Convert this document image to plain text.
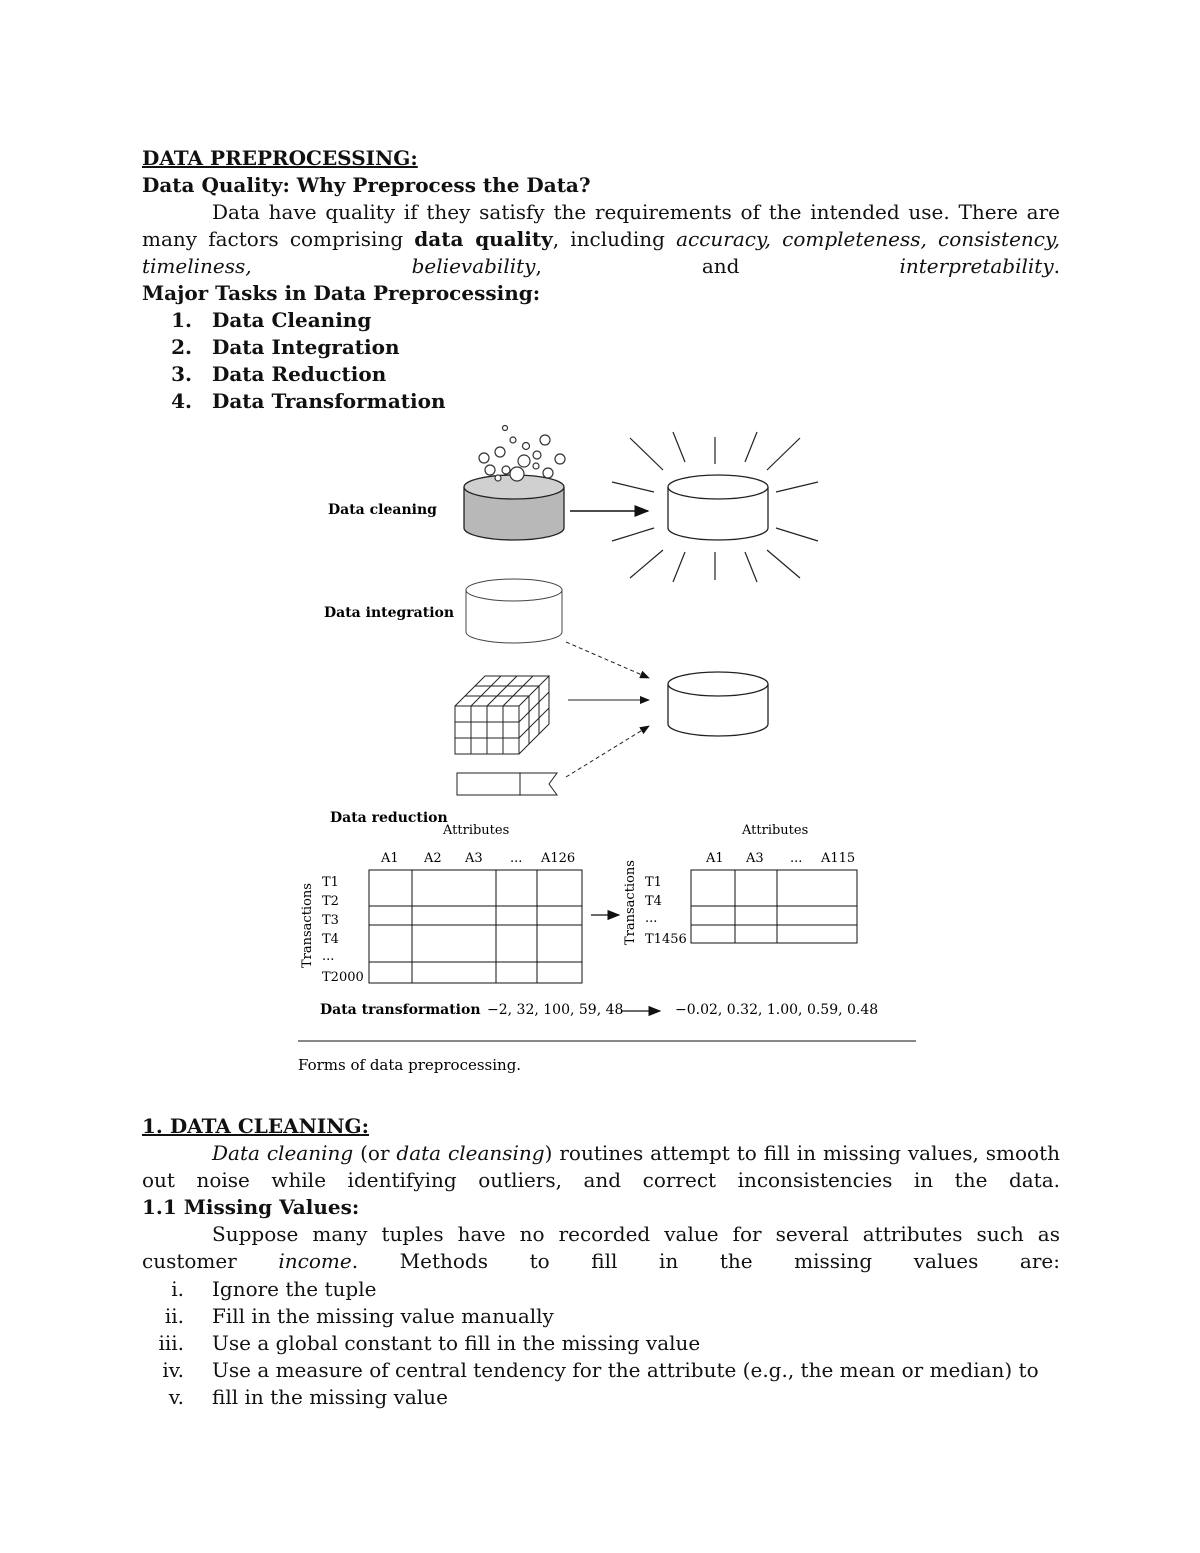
DATA PREPROCESSING:
Data Quality: Why Preprocess the Data?
Data have quality if they satisfy the requirements of the intended use. There are many factors comprising data quality, including accuracy, completeness, consistency, timeliness, believability, and interpretability.
Major Tasks in Data Preprocessing:
1. Data Cleaning
2. Data Integration
3. Data Reduction
4. Data Transformation
Data cleaning
Data integration
Data reduction
Attributes	Attributes
A1 A2 A3 ... A126
Transactions
T1
T2
T3
T4
...
T2000
A1 A3 ... A115
Transactions T1
T4
...
T1456
Data transformation −2, 32, 100, 59, 48	−0.02, 0.32, 1.00, 0.59, 0.48
Forms of data preprocessing.
1. DATA CLEANING:
Data cleaning (or data cleansing) routines attempt to fill in missing values, smooth out noise while identifying outliers, and correct inconsistencies in the data.
1.1 Missing Values:
Suppose many tuples have no recorded value for several attributes such as customer income. Methods to fill in the missing values are:
i. Ignore the tuple
ii. Fill in the missing value manually
iii. Use a global constant to fill in the missing value
iv. Use a measure of central tendency for the attribute (e.g., the mean or median) to
v. fill in the missing value
